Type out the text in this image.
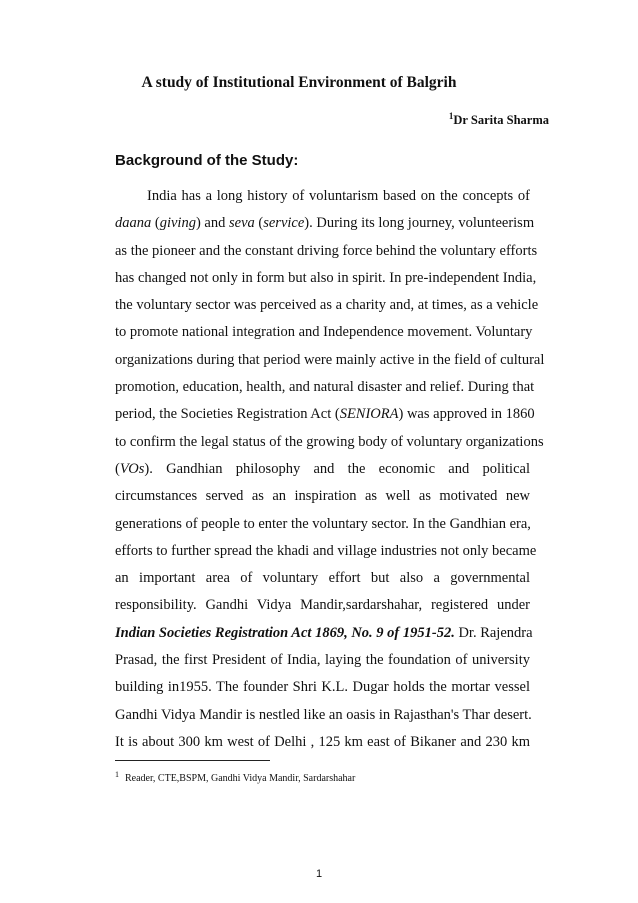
A study of Institutional Environment of Balgrih
$^1$Dr Sarita Sharma
Background of the Study:
India has a long history of voluntarism based on the concepts of
daana (giving) and seva (service). During its long journey, volunteerism
as the pioneer and the constant driving force behind the voluntary efforts
has changed not only in form but also in spirit. In pre-independent India,
the voluntary sector was perceived as a charity and, at times, as a vehicle
to promote national integration and Independence movement. Voluntary
organizations during that period were mainly active in the field of cultural
promotion, education, health, and natural disaster and relief. During that
period, the Societies Registration Act (SENIORA) was approved in 1860
to confirm the legal status of the growing body of voluntary organizations
(VOs). Gandhian philosophy and the economic and political
circumstances served as an inspiration as well as motivated new
generations of people to enter the voluntary sector. In the Gandhian era,
efforts to further spread the khadi and village industries not only became
an important area of voluntary effort but also a governmental
responsibility. Gandhi Vidya Mandir,sardarshahar, registered under
Indian Societies Registration Act 1869, No. 9 of 1951-52. Dr. Rajendra
Prasad, the first President of India, laying the foundation of university
building in1955. The founder Shri K.L. Dugar holds the mortar vessel
Gandhi Vidya Mandir is nestled like an oasis in Rajasthan's Thar desert.
It is about 300 km west of Delhi , 125 km east of Bikaner and 230 km
$^1$ Reader, CTE,BSPM, Gandhi Vidya Mandir, Sardarshahar
1
